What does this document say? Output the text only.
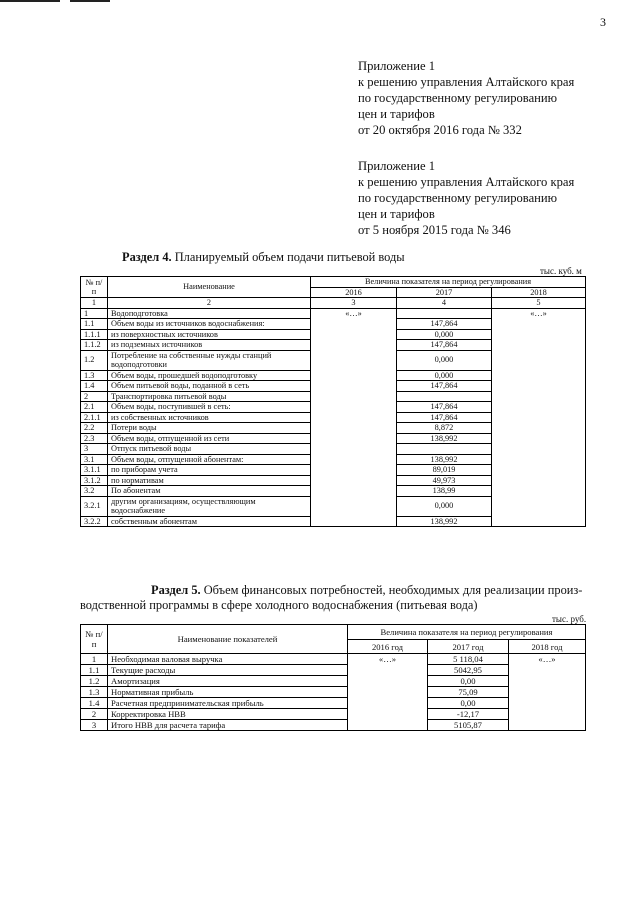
3
Приложение 1
к решению управления Алтайского края
по государственному регулированию
цен и тарифов
от 20 октября 2016 года № 332
Приложение 1
к решению управления Алтайского края
по государственному регулированию
цен и тарифов
от 5 ноября 2015 года № 346
Раздел 4. Планируемый объем подачи питьевой воды
тыс. куб. м
№ п/п	Наименование	Величина показателя на период регулирования		
		2016	2017	2018
1	2	3	4	5
1	Водоподготовка	«…»		«…»
1.1	Объем воды из источников водоснабжения:		147,864	
1.1.1	из поверхностных источников		0,000	
1.1.2	из подземных источников		147,864	
1.2	Потребление на собственные нужды станций водоподготовки		0,000	
1.3	Объем воды, прошедшей водоподготовку		0,000	
1.4	Объем питьевой воды, поданной в сеть		147,864	
2	Транспортировка питьевой воды			
2.1	Объем воды, поступившей в сеть:		147,864	
2.1.1	из собственных источников		147,864	
2.2	Потери воды		8,872	
2.3	Объем воды, отпущенной из сети		138,992	
3	Отпуск питьевой воды			
3.1	Объем воды, отпущенной абонентам:		138,992	
3.1.1	по приборам учета		89,019	
3.1.2	по нормативам		49,973	
3.2	По абонентам		138,99	
3.2.1	другим организациям, осуществляющим водоснабжение		0,000	
3.2.2	собственным абонентам		138,992	
Раздел 5. Объем финансовых потребностей, необходимых для реализации произ-
водственной программы в сфере холодного водоснабжения (питьевая вода)
тыс. руб.
№ п/ п	Наименование показателей	Величина показателя на период регулирования		
		2016 год	2017 год	2018 год
1	Необходимая валовая выручка	«…»	5 118,04	«…»
1.1	Текущие расходы		5042,95	
1.2	Амортизация		0,00	
1.3	Нормативная прибыль		75,09	
1.4	Расчетная предпринимательская прибыль		0,00	
2	Корректировка НВВ		-12,17	
3	Итого НВВ для расчета тарифа		5105,87	
